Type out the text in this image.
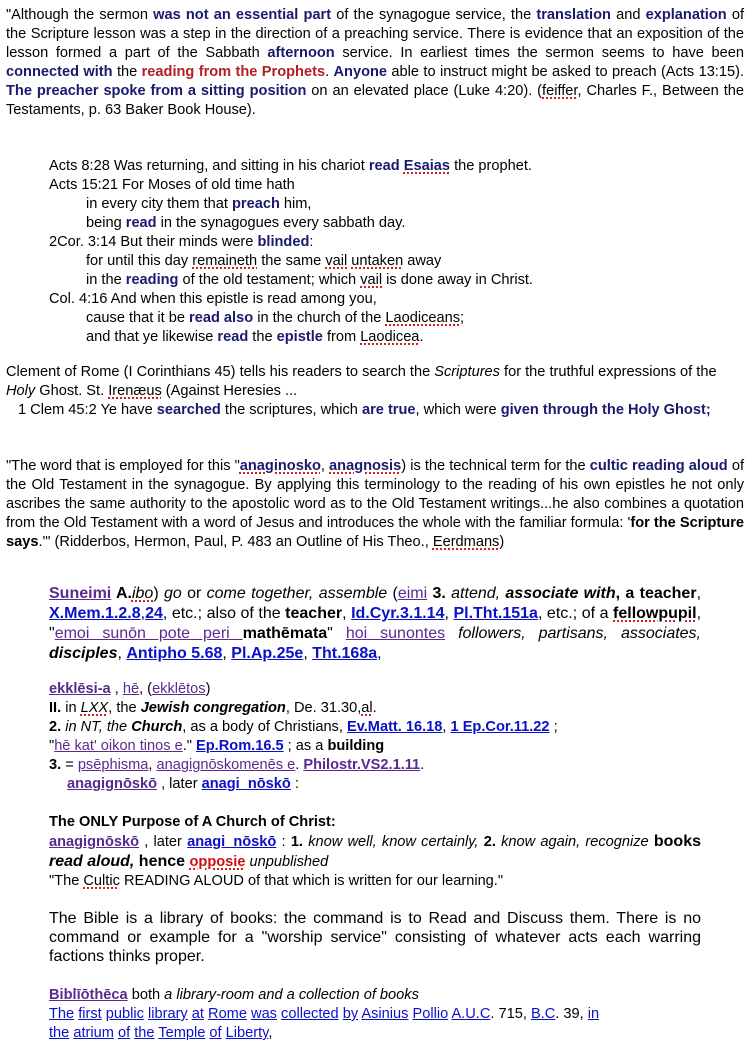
"Although the sermon was not an essential part of the synagogue service, the translation and explanation of the Scripture lesson was a step in the direction of a preaching service. There is evidence that an exposition of the lesson formed a part of the Sabbath afternoon service. In earliest times the sermon seems to have been connected with the reading from the Prophets. Anyone able to instruct might be asked to preach (Acts 13:15). The preacher spoke from a sitting position on an elevated place (Luke 4:20). (feiffer, Charles F., Between the Testaments, p. 63 Baker Book House).
Acts 8:28 Was returning, and sitting in his chariot read Esaias the prophet.
Acts 15:21 For Moses of old time hath
in every city them that preach him,
being read in the synagogues every sabbath day.
2Cor. 3:14 But their minds were blinded:
for until this day remaineth the same vail untaken away
in the reading of the old testament; which vail is done away in Christ.
Col. 4:16 And when this epistle is read among you,
cause that it be read also in the church of the Laodiceans;
and that ye likewise read the epistle from Laodicea.
Clement of Rome (I Corinthians 45) tells his readers to search the Scriptures for the truthful expressions of the Holy Ghost. St. Irenæus (Against Heresies ...
1 Clem 45:2 Ye have searched the scriptures, which are true, which were given through the Holy Ghost;
"The word that is employed for this "anaginosko, anagnosis) is the technical term for the cultic reading aloud of the Old Testament in the synagogue. By applying this terminology to the reading of his own epistles he not only ascribes the same authority to the apostolic word as to the Old Testament writings...he also combines a quotation from the Old Testament with a word of Jesus and introduces the whole with the familiar formula: 'for the Scripture says.'" (Ridderbos, Hermon, Paul, P. 483 an Outline of His Theo., Eerdmans)
Suneimi A.ibo) go or come together, assemble (eimi 3. attend, associate with, a teacher, X.Mem.1.2.8,24, etc.; also of the teacher, Id.Cyr.3.1.14, Pl.Tht.151a, etc.; of a fellowpupil, "emoi sunōn pote peri mathēmata" hoi sunontes followers, partisans, associates, disciples, Antipho 5.68, Pl.Ap.25e, Tht.168a,
ekklēsi-a , hē, (ekklētos)
II. in LXX, the Jewish congregation, De. 31.30,al.
2. in NT, the Church, as a body of Christians, Ev.Matt. 16.18, 1 Ep.Cor.11.22 ;
"hē kat' oikon tinos e." Ep.Rom.16.5 ; as a building
3. = psēphisma, anagignōskomenēs e. Philostr.VS2.1.11.
anagignōskō , later anagi_nōskō :
The ONLY Purpose of A Church of Christ:
anagignōskō , later anagi_nōskō : 1. know well, know certainly, 2. know again, recognize books read aloud, hence opposie unpublished
"The Cultic READING ALOUD of that which is written for our learning."
The Bible is a library of books: the command is to Read and Discuss them. There is no command or example for a "worship service" consisting of whatever acts each warring factions thinks proper.
Biblīōthēca both a library-room and a collection of books
The first public library at Rome was collected by Asinius Pollio A.U.C. 715, B.C. 39, in
the atrium of the Temple of Liberty,
